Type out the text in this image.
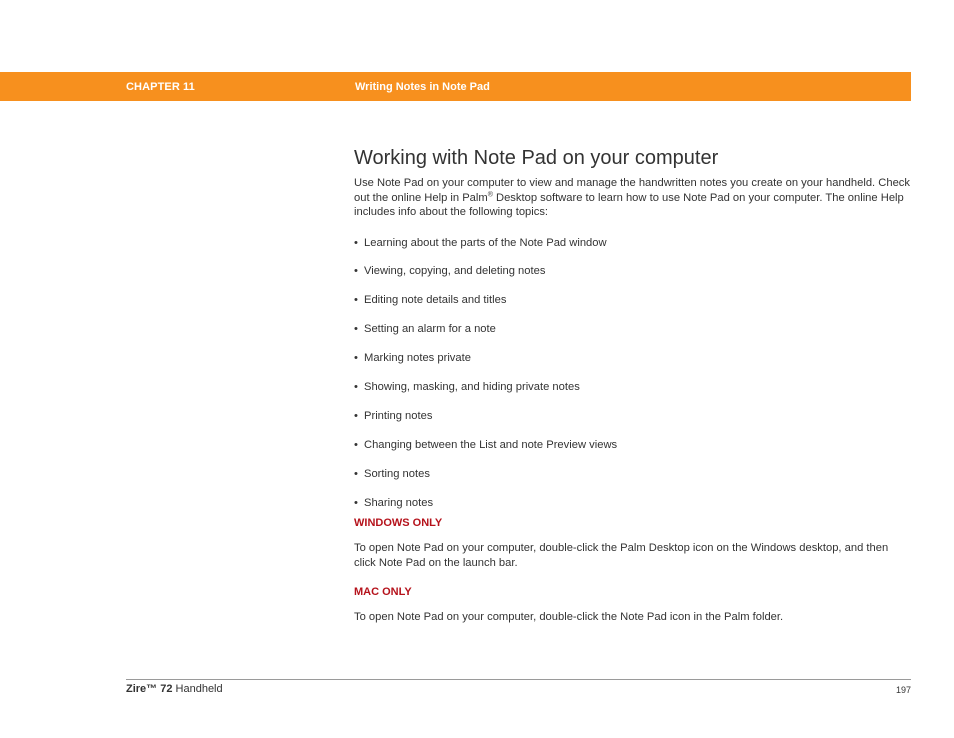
CHAPTER 11	Writing Notes in Note Pad
Working with Note Pad on your computer

Use Note Pad on your computer to view and manage the handwritten notes you create on your handheld. Check out the online Help in Palm® Desktop software to learn how to use Note Pad on your computer. The online Help includes info about the following topics:

• Learning about the parts of the Note Pad window
• Viewing, copying, and deleting notes
• Editing note details and titles
• Setting an alarm for a note
• Marking notes private
• Showing, masking, and hiding private notes
• Printing notes
• Changing between the List and note Preview views
• Sorting notes
• Sharing notes
WINDOWS ONLY

To open Note Pad on your computer, double-click the Palm Desktop icon on the Windows desktop, and then click Note Pad on the launch bar.

MAC ONLY

To open Note Pad on your computer, double-click the Note Pad icon in the Palm folder.

Zire™ 72 Handheld	197
